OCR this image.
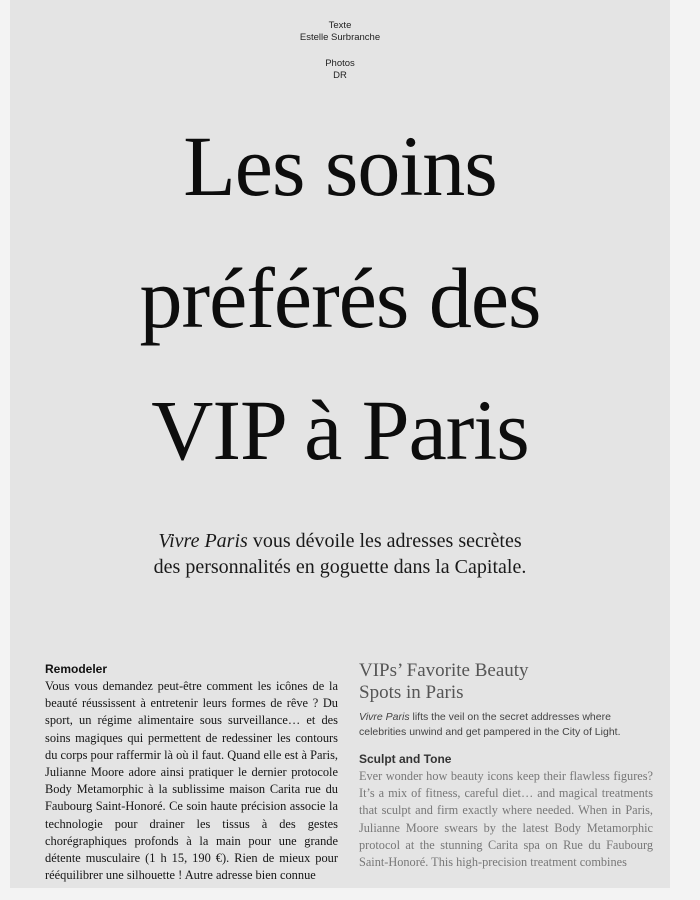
Texte
Estelle Surbranche
Photos
DR
Les soins
préférés des
VIP à Paris
Vivre Paris vous dévoile les adresses secrètes
des personnalités en goguette dans la Capitale.
Remodeler
Vous vous demandez peut-être comment les icônes de la beauté réussissent à entretenir leurs formes de rêve ? Du sport, un régime alimentaire sous surveillance… et des soins magiques qui permettent de redessiner les contours du corps pour raffermir là où il faut. Quand elle est à Paris, Julianne Moore adore ainsi pratiquer le dernier protocole Body Metamorphic à la sublissime maison Carita rue du Faubourg Saint-Honoré. Ce soin haute précision associe la technologie pour drainer les tissus à des gestes chorégraphiques profonds à la main pour une grande détente musculaire (1 h 15, 190 €). Rien de mieux pour rééquilibrer une silhouette ! Autre adresse bien connue
VIPs’ Favorite Beauty
Spots in Paris
Vivre Paris lifts the veil on the secret addresses where celebrities unwind and get pampered in the City of Light.
Sculpt and Tone
Ever wonder how beauty icons keep their flawless figures? It’s a mix of fitness, careful diet… and magical treatments that sculpt and firm exactly where needed. When in Paris, Julianne Moore swears by the latest Body Metamorphic protocol at the stunning Carita spa on Rue du Faubourg Saint-Honoré. This high-precision treatment combines
